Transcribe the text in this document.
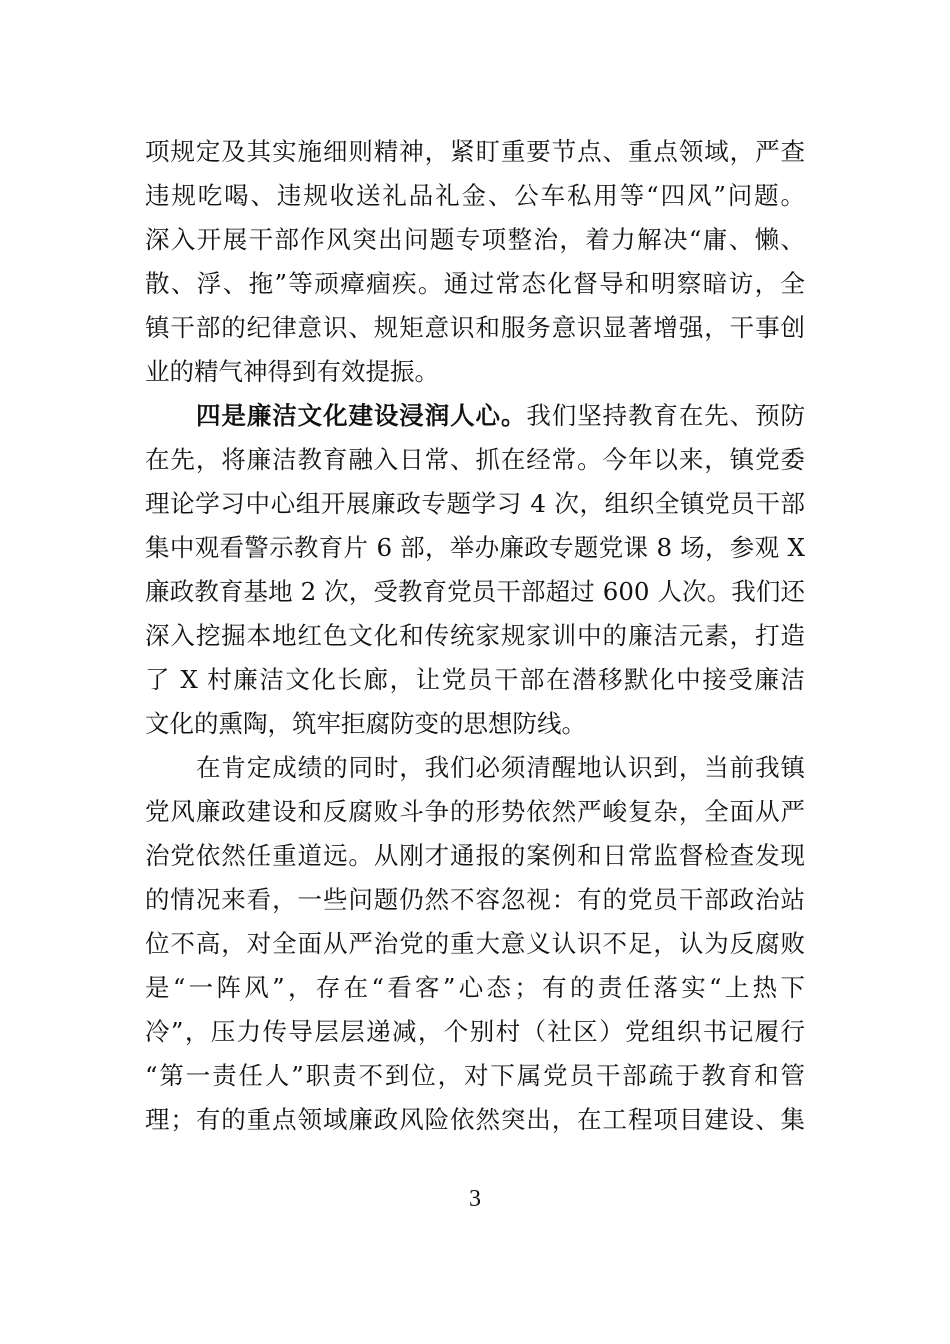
3
项规定及其实施细则精神，紧盯重要节点、重点领域，严查
违规吃喝、违规收送礼品礼金、公车私用等“四风”问题。
深入开展干部作风突出问题专项整治，着力解决“庸、懒、
散、浮、拖”等顽瘴痼疾。通过常态化督导和明察暗访，全
镇干部的纪律意识、规矩意识和服务意识显著增强，干事创
业的精气神得到有效提振。
四是廉洁文化建设浸润人心。我们坚持教育在先、预防
在先，将廉洁教育融入日常、抓在经常。今年以来，镇党委
理论学习中心组开展廉政专题学习 4 次，组织全镇党员干部
集中观看警示教育片 6 部，举办廉政专题党课 8 场，参观 X
廉政教育基地 2 次，受教育党员干部超过 600 人次。我们还
深入挖掘本地红色文化和传统家规家训中的廉洁元素，打造
了 X 村廉洁文化长廊，让党员干部在潜移默化中接受廉洁
文化的熏陶，筑牢拒腐防变的思想防线。
在肯定成绩的同时，我们必须清醒地认识到，当前我镇
党风廉政建设和反腐败斗争的形势依然严峻复杂，全面从严
治党依然任重道远。从刚才通报的案例和日常监督检查发现
的情况来看，一些问题仍然不容忽视：有的党员干部政治站
位不高，对全面从严治党的重大意义认识不足，认为反腐败
是“一阵风”，存在“看客”心态；有的责任落实“上热下
冷”，压力传导层层递减，个别村（社区）党组织书记履行
“第一责任人”职责不到位，对下属党员干部疏于教育和管
理；有的重点领域廉政风险依然突出，在工程项目建设、集
